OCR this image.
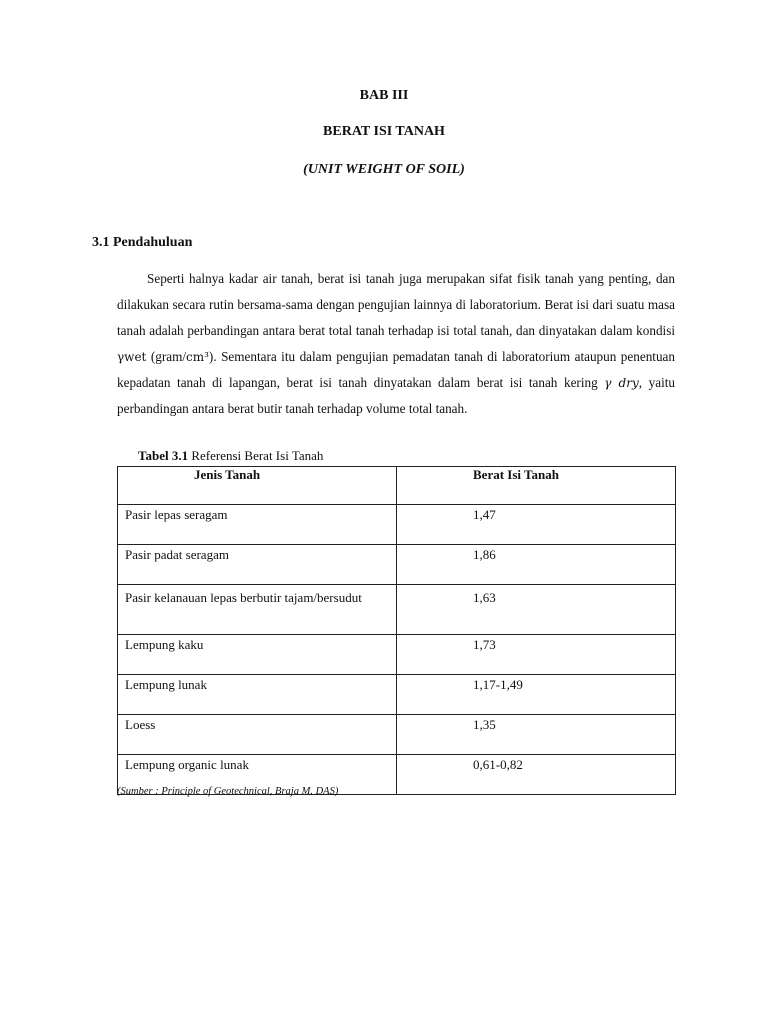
BAB III
BERAT ISI TANAH
(UNIT WEIGHT OF SOIL)
3.1 Pendahuluan

Seperti halnya kadar air tanah, berat isi tanah juga merupakan sifat fisik tanah yang penting, dan dilakukan secara rutin bersama-sama dengan pengujian lainnya di laboratorium. Berat isi dari suatu masa tanah adalah perbandingan antara berat total tanah terhadap isi total tanah, dan dinyatakan dalam kondisi γwet (gram/cm³). Sementara itu dalam pengujian pemadatan tanah di laboratorium ataupun penentuan kepadatan tanah di lapangan, berat isi tanah dinyatakan dalam berat isi tanah kering γ dry, yaitu perbandingan antara berat butir tanah terhadap volume total tanah.

Tabel 3.1 Referensi Berat Isi Tanah
Jenis Tanah	Berat Isi Tanah

Pasir lepas seragam	1,47
Pasir padat seragam	1,86
Pasir kelanauan lepas berbutir tajam/bersudut	1,63
Lempung kaku	1,73
Lempung lunak	1,17-1,49
Loess	1,35
Lempung organic lunak	0,61-0,82
(Sumber : Principle of Geotechnical, Braja M. DAS)
